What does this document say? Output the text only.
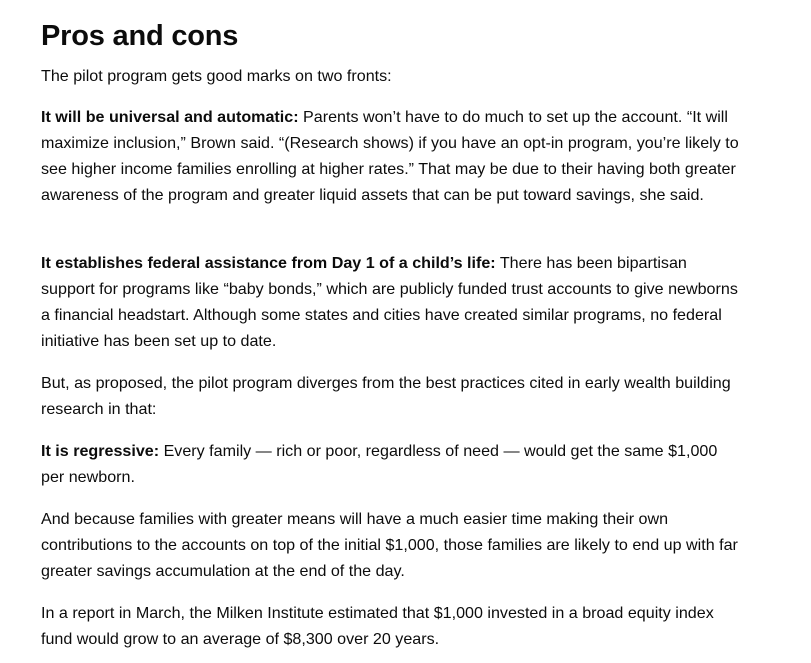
Pros and cons

The pilot program gets good marks on two fronts:

It will be universal and automatic: Parents won’t have to do much to set up the account. “It will maximize inclusion,” Brown said. “(Research shows) if you have an opt-in program, you’re likely to see higher income families enrolling at higher rates.” That may be due to their having both greater awareness of the program and greater liquid assets that can be put toward savings, she said.

It establishes federal assistance from Day 1 of a child’s life: There has been bipartisan support for programs like “baby bonds,” which are publicly funded trust accounts to give newborns a financial headstart. Although some states and cities have created similar programs, no federal initiative has been set up to date.

But, as proposed, the pilot program diverges from the best practices cited in early wealth building research in that:

It is regressive: Every family — rich or poor, regardless of need — would get the same $1,000 per newborn.

And because families with greater means will have a much easier time making their own contributions to the accounts on top of the initial $1,000, those families are likely to end up with far greater savings accumulation at the end of the day.

In a report in March, the Milken Institute estimated that $1,000 invested in a broad equity index fund would grow to an average of $8,300 over 20 years.
